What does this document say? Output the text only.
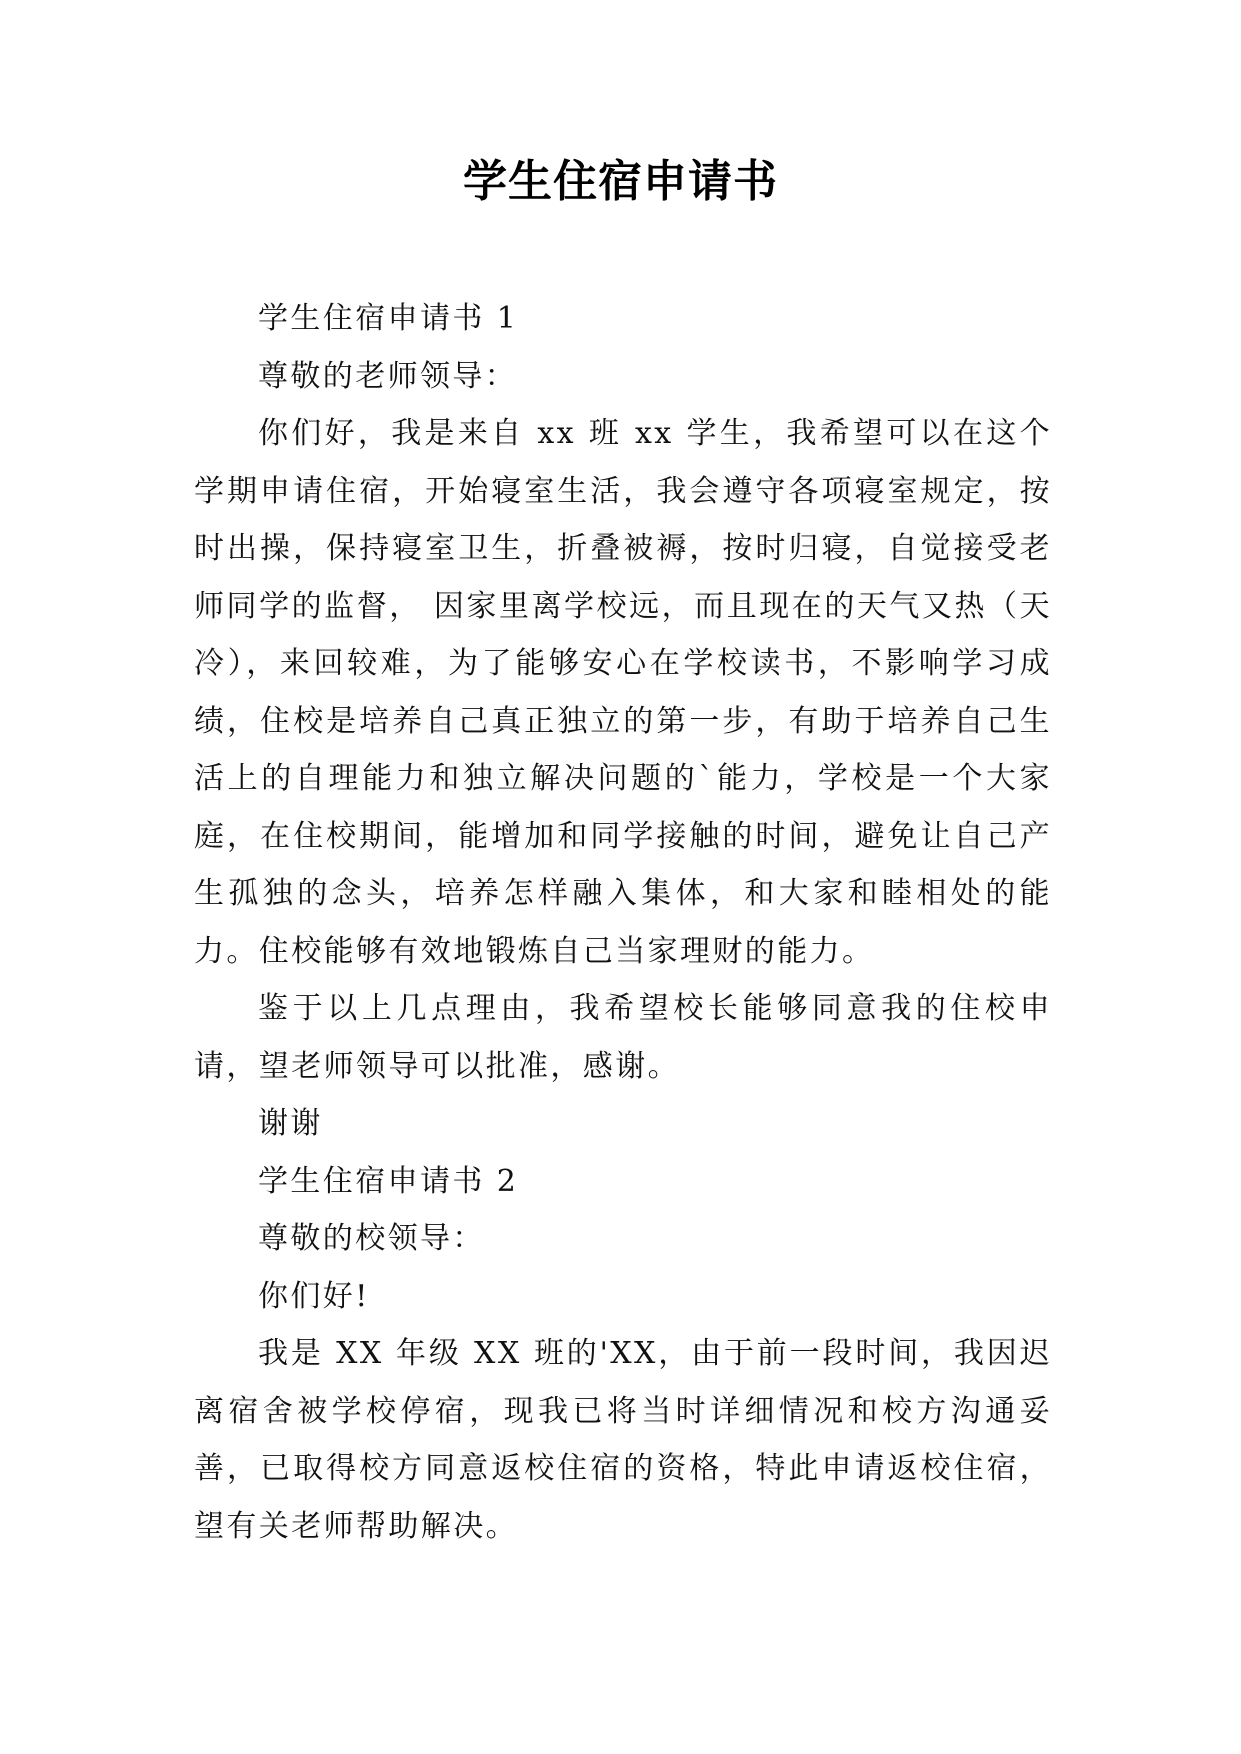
学生住宿申请书

学生住宿申请书 1

尊敬的老师领导：

你们好，我是来自 xx 班 xx 学生，我希望可以在这个学期申请住宿，开始寝室生活，我会遵守各项寝室规定，按时出操，保持寝室卫生，折叠被褥，按时归寝，自觉接受老师同学的监督， 因家里离学校远，而且现在的天气又热（天冷），来回较难，为了能够安心在学校读书，不影响学习成绩，住校是培养自己真正独立的第一步，有助于培养自己生活上的自理能力和独立解决问题的`能力，学校是一个大家庭，在住校期间，能增加和同学接触的时间，避免让自己产生孤独的念头，培养怎样融入集体，和大家和睦相处的能力。住校能够有效地锻炼自己当家理财的能力。

鉴于以上几点理由，我希望校长能够同意我的住校申请，望老师领导可以批准，感谢。

谢谢

学生住宿申请书 2

尊敬的校领导：

你们好!

我是 XX 年级 XX 班的'XX，由于前一段时间，我因迟离宿舍被学校停宿，现我已将当时详细情况和校方沟通妥善，已取得校方同意返校住宿的资格，特此申请返校住宿，望有关老师帮助解决。
